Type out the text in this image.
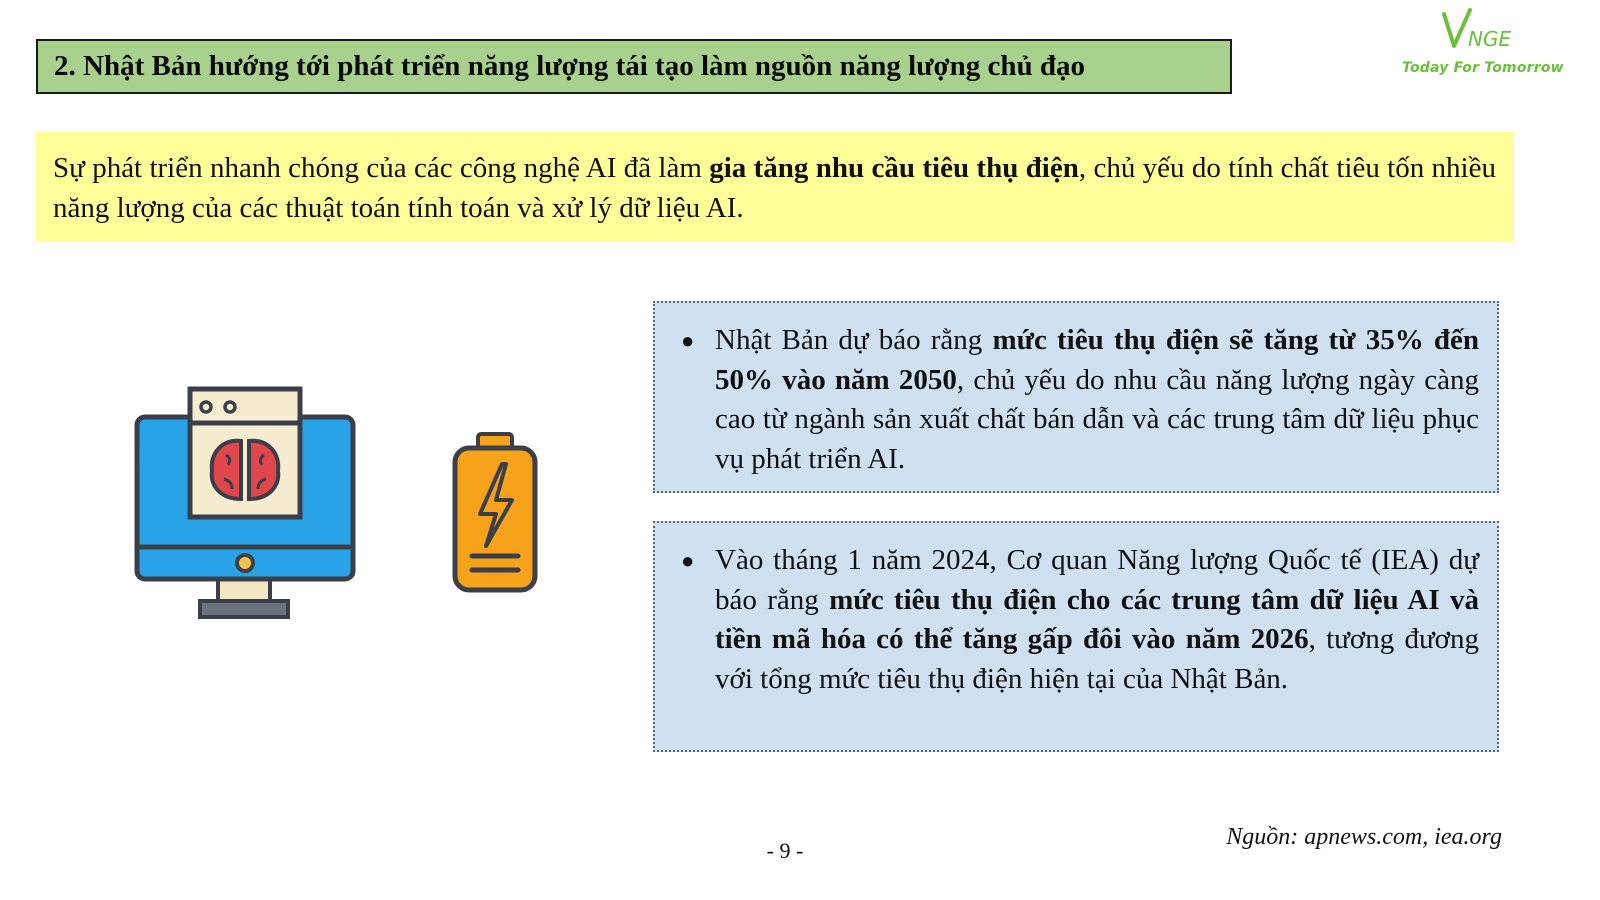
2. Nhật Bản hướng tới phát triển năng lượng tái tạo làm nguồn năng lượng chủ đạo
NGE
Today For Tomorrow
Sự phát triển nhanh chóng của các công nghệ AI đã làm gia tăng nhu cầu tiêu thụ điện, chủ yếu do tính chất tiêu tốn nhiều năng lượng của các thuật toán tính toán và xử lý dữ liệu AI.
● Nhật Bản dự báo rằng mức tiêu thụ điện sẽ tăng từ 35% đến 50% vào năm 2050, chủ yếu do nhu cầu năng lượng ngày càng cao từ ngành sản xuất chất bán dẫn và các trung tâm dữ liệu phục vụ phát triển AI.
● Vào tháng 1 năm 2024, Cơ quan Năng lượng Quốc tế (IEA) dự báo rằng mức tiêu thụ điện cho các trung tâm dữ liệu AI và tiền mã hóa có thể tăng gấp đôi vào năm 2026, tương đương với tổng mức tiêu thụ điện hiện tại của Nhật Bản.
- 9 -
Nguồn: apnews.com, iea.org
